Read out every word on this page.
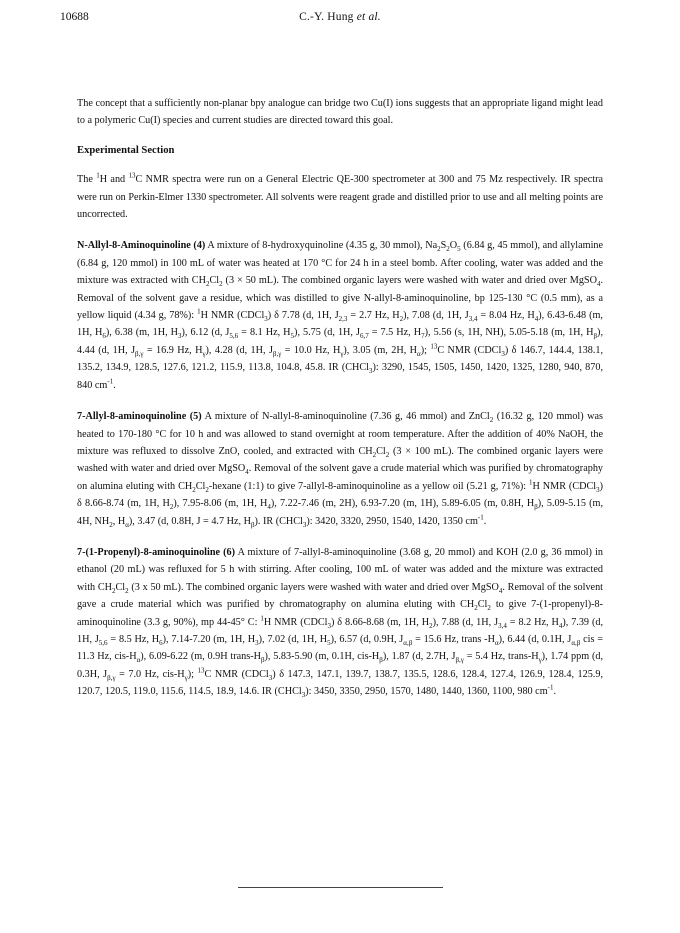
10688	C.-Y. Hung et al.

The concept that a sufficiently non-planar bpy analogue can bridge two Cu(I) ions suggests that an appropriate ligand might lead to a polymeric Cu(I) species and current studies are directed toward this goal.

Experimental Section

The $^1$H and $^{13}$C NMR spectra were run on a General Electric QE-300 spectrometer at 300 and 75 Mz respectively. IR spectra were run on Perkin-Elmer 1330 spectrometer. All solvents were reagent grade and distilled prior to use and all melting points are uncorrected.

N-Allyl-8-Aminoquinoline (4) A mixture of 8-hydroxyquinoline (4.35 g, 30 mmol), $Na_2S_2O_5$ (6.84 g, 45 mmol), and allylamine (6.84 g, 120 mmol) in 100 mL of water was heated at 170 °C for 24 h in a steel bomb. After cooling, water was added and the mixture was extracted with $CH_2Cl_2$ (3 × 50 mL). The combined organic layers were washed with water and dried over MgSO$_4$. Removal of the solvent gave a residue, which was distilled to give N-allyl-8-aminoquinoline, bp 125-130 °C (0.5 mm), as a yellow liquid (4.34 g, 78%): $^1$H NMR (CDCl$_3$) δ 7.78 (d, 1H, $J_{2,3} = 2.7$ Hz, $H_2$), 7.08 (d, 1H, $J_{3,4} = 8.04$ Hz, $H_4$), 6.43-6.48 (m, 1H, $H_6$), 6.38 (m, 1H, $H_3$), 6.12 (d, $J_{5,6} = 8.1$ Hz, $H_5$), 5.75 (d, 1H, $J_{6,7} = 7.5$ Hz, $H_7$), 5.56 (s, 1H, NH), 5.05-5.18 (m, 1H, $H_\beta$), 4.44 (d, 1H, $J_{\beta,\gamma} = 16.9$ Hz, $H_\gamma$), 4.28 (d, 1H, $J_{\beta,\gamma} = 10.0$ Hz, $H_\gamma$), 3.05 (m, 2H, $H_\alpha$); $^{13}$C NMR (CDCl$_3$) δ 146.7, 144.4, 138.1, 135.2, 134.9, 128.5, 127.6, 121.2, 115.9, 113.8, 104.8, 45.8. IR (CHCl$_3$): 3290, 1545, 1505, 1450, 1420, 1325, 1280, 940, 870, 840 $cm^{-1}$.

7-Allyl-8-aminoquinoline (5) A mixture of N-allyl-8-aminoquinoline (7.36 g, 46 mmol) and ZnCl$_2$ (16.32 g, 120 mmol) was heated to 170-180 °C for 10 h and was allowed to stand overnight at room temperature. After the addition of 40% NaOH, the mixture was refluxed to dissolve ZnO, cooled, and extracted with $CH_2Cl_2$ (3 × 100 mL). The combined organic layers were washed with water and dried over MgSO$_4$. Removal of the solvent gave a crude material which was purified by chromatography on alumina eluting with $CH_2Cl_2$-hexane (1:1) to give 7-allyl-8-aminoquinoline as a yellow oil (5.21 g, 71%): $^1$H NMR (CDCl$_3$) δ 8.66-8.74 (m, 1H, $H_2$), 7.95-8.06 (m, 1H, $H_4$), 7.22-7.46 (m, 2H), 6.93-7.20 (m, 1H), 5.89-6.05 (m, 0.8H, $H_\beta$), 5.09-5.15 (m, 4H, $NH_2$, $H_\alpha$), 3.47 (d, 0.8H, J = 4.7 Hz, $H_\beta$). IR (CHCl$_3$): 3420, 3320, 2950, 1540, 1420, 1350 $cm^{-1}$.

7-(1-Propenyl)-8-aminoquinoline (6) A mixture of 7-allyl-8-aminoquinoline (3.68 g, 20 mmol) and KOH (2.0 g, 36 mmol) in ethanol (20 mL) was refluxed for 5 h with stirring. After cooling, 100 mL of water was added and the mixture was extracted with $CH_2Cl_2$ (3 x 50 mL). The combined organic layers were washed with water and dried over MgSO$_4$. Removal of the solvent gave a crude material which was purified by chromatography on alumina eluting with $CH_2Cl_2$ to give 7-(1-propenyl)-8-aminoquinoline (3.3 g, 90%), mp 44-45° C: $^1$H NMR (CDCl$_3$) δ 8.66-8.68 (m, 1H, $H_2$), 7.88 (d, 1H, $J_{3,4} = 8.2$ Hz, $H_4$), 7.39 (d, 1H, $J_{5,6} = 8.5$ Hz, $H_6$), 7.14-7.20 (m, 1H, $H_3$), 7.02 (d, 1H, $H_5$), 6.57 (d, 0.9H, $J_{\alpha,\beta} = 15.6$ Hz, trans $-H_\alpha$), 6.44 (d, 0.1H, $J_{\alpha,\beta}$ cis = 11.3 Hz, cis-$H_\alpha$), 6.09-6.22 (m, 0.9H trans-$H_\beta$), 5.83-5.90 (m, 0.1H, cis-$H_\beta$), 1.87 (d, 2.7H, $J_{\beta,\gamma} = 5.4$ Hz, trans-$H_\gamma$), 1.74 ppm (d, 0.3H, $J_{\beta,\gamma} = 7.0$ Hz, cis-$H_\gamma$); $^{13}$C NMR (CDCl$_3$) δ 147.3, 147.1, 139.7, 138.7, 135.5, 128.6, 128.4, 127.4, 126.9, 128.4, 125.9, 120.7, 120.5, 119.0, 115.6, 114.5, 18.9, 14.6. IR (CHCl$_3$): 3450, 3350, 2950, 1570, 1480, 1440, 1360, 1100, 980 $cm^{-1}$.
